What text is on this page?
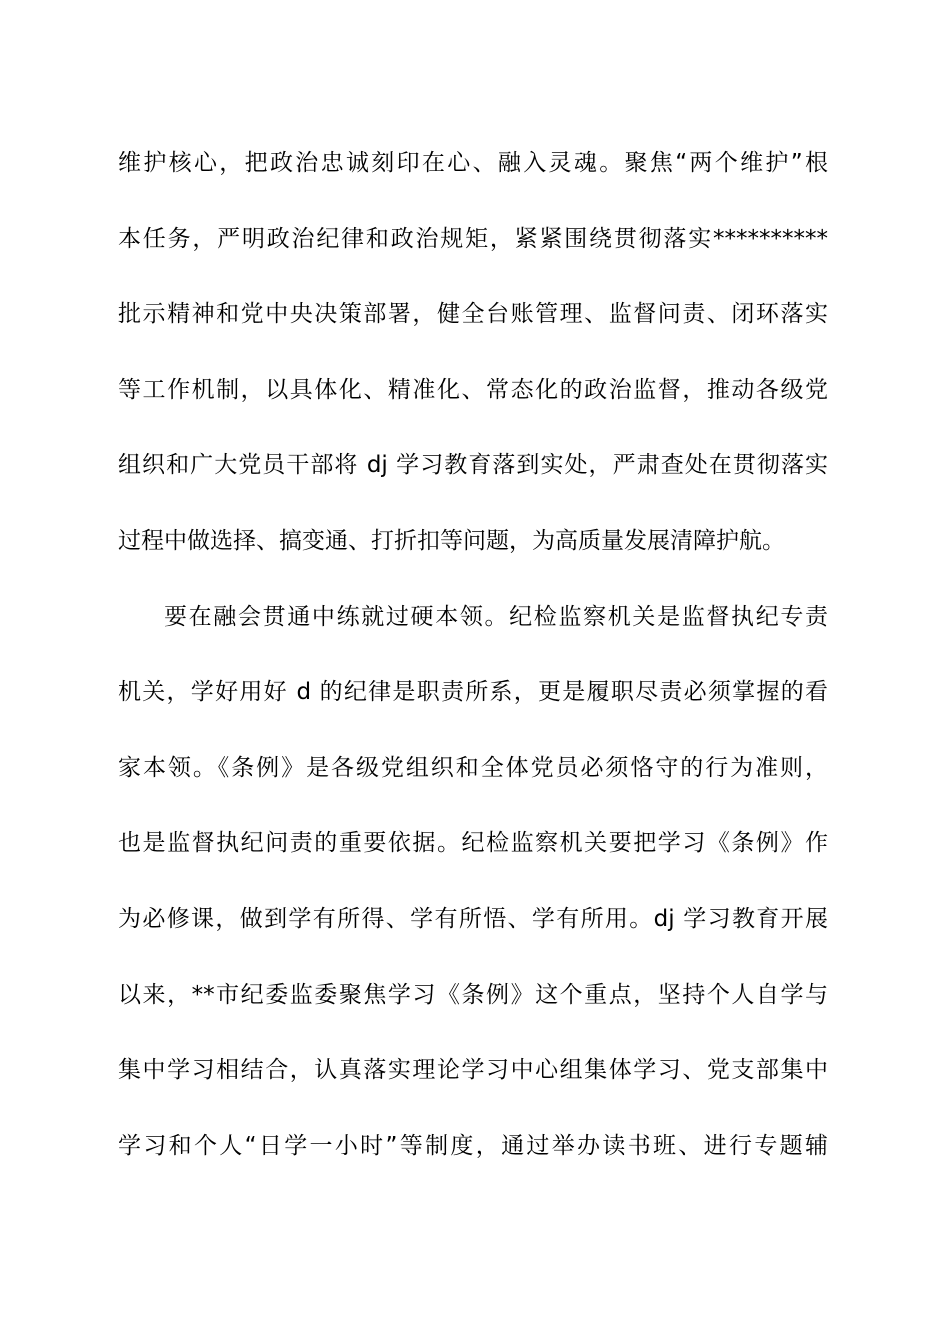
维护核心，把政治忠诚刻印在心、融入灵魂。聚焦“两个维护”根
本任务，严明政治纪律和政治规矩，紧紧围绕贯彻落实**********
批示精神和党中央决策部署，健全台账管理、监督问责、闭环落实
等工作机制，以具体化、精准化、常态化的政治监督，推动各级党
组织和广大党员干部将 dj 学习教育落到实处，严肃查处在贯彻落实
过程中做选择、搞变通、打折扣等问题，为高质量发展清障护航。
要在融会贯通中练就过硬本领。纪检监察机关是监督执纪专责
机关，学好用好 d 的纪律是职责所系，更是履职尽责必须掌握的看
家本领。《条例》是各级党组织和全体党员必须恪守的行为准则，
也是监督执纪问责的重要依据。纪检监察机关要把学习《条例》作
为必修课，做到学有所得、学有所悟、学有所用。dj 学习教育开展
以来，**市纪委监委聚焦学习《条例》这个重点，坚持个人自学与
集中学习相结合，认真落实理论学习中心组集体学习、党支部集中
学习和个人“日学一小时”等制度，通过举办读书班、进行专题辅
